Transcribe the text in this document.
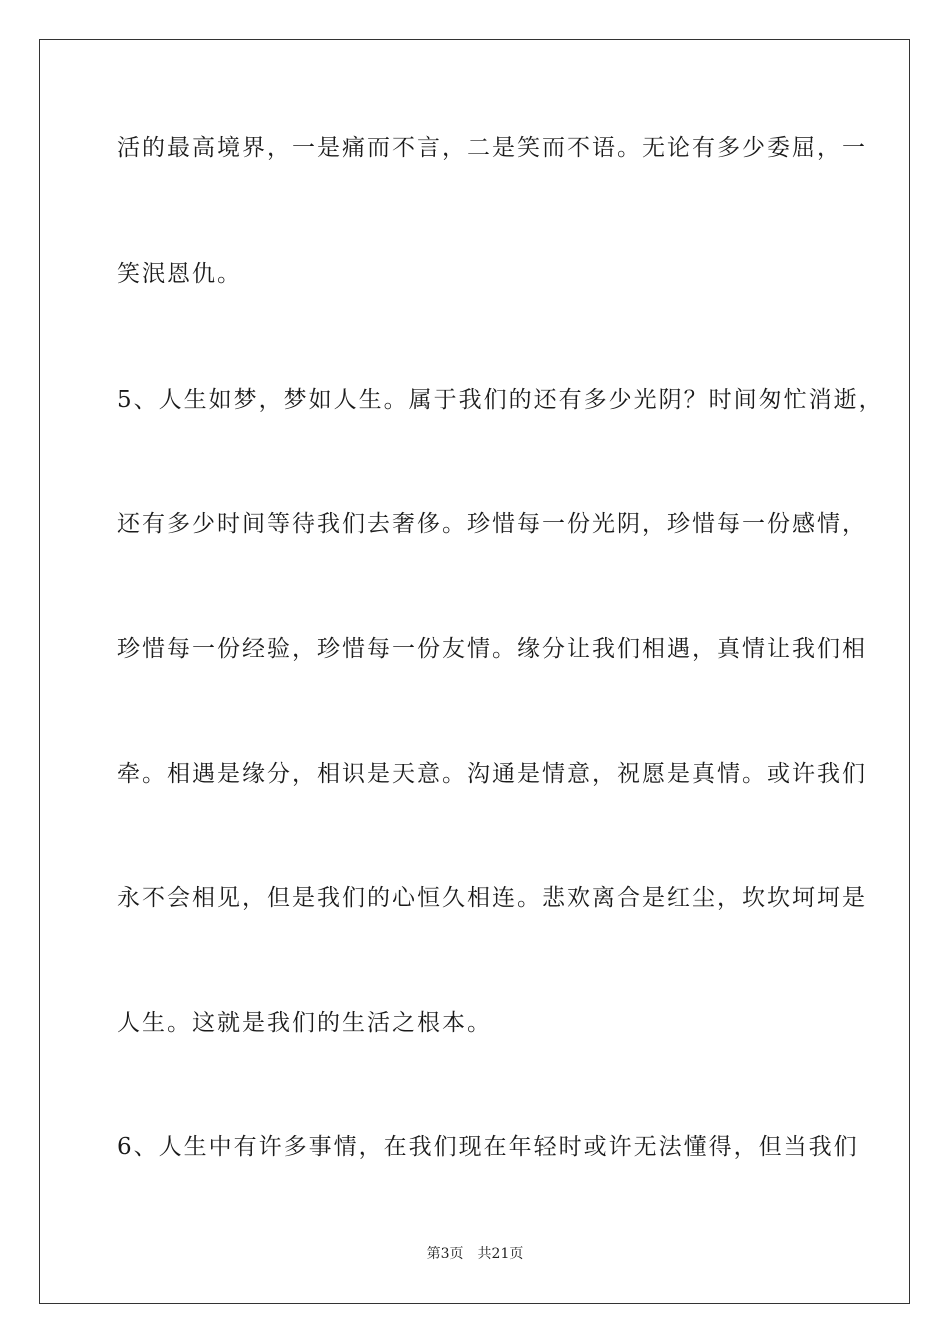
活的最高境界，一是痛而不言，二是笑而不语。无论有多少委屈，一
笑泯恩仇。
5、人生如梦，梦如人生。属于我们的还有多少光阴？时间匆忙消逝，
还有多少时间等待我们去奢侈。珍惜每一份光阴，珍惜每一份感情，
珍惜每一份经验，珍惜每一份友情。缘分让我们相遇，真情让我们相
牵。相遇是缘分，相识是天意。沟通是情意，祝愿是真情。或许我们
永不会相见，但是我们的心恒久相连。悲欢离合是红尘，坎坎坷坷是
人生。这就是我们的生活之根本。
6、人生中有许多事情，在我们现在年轻时或许无法懂得，但当我们
第3页 共21页
